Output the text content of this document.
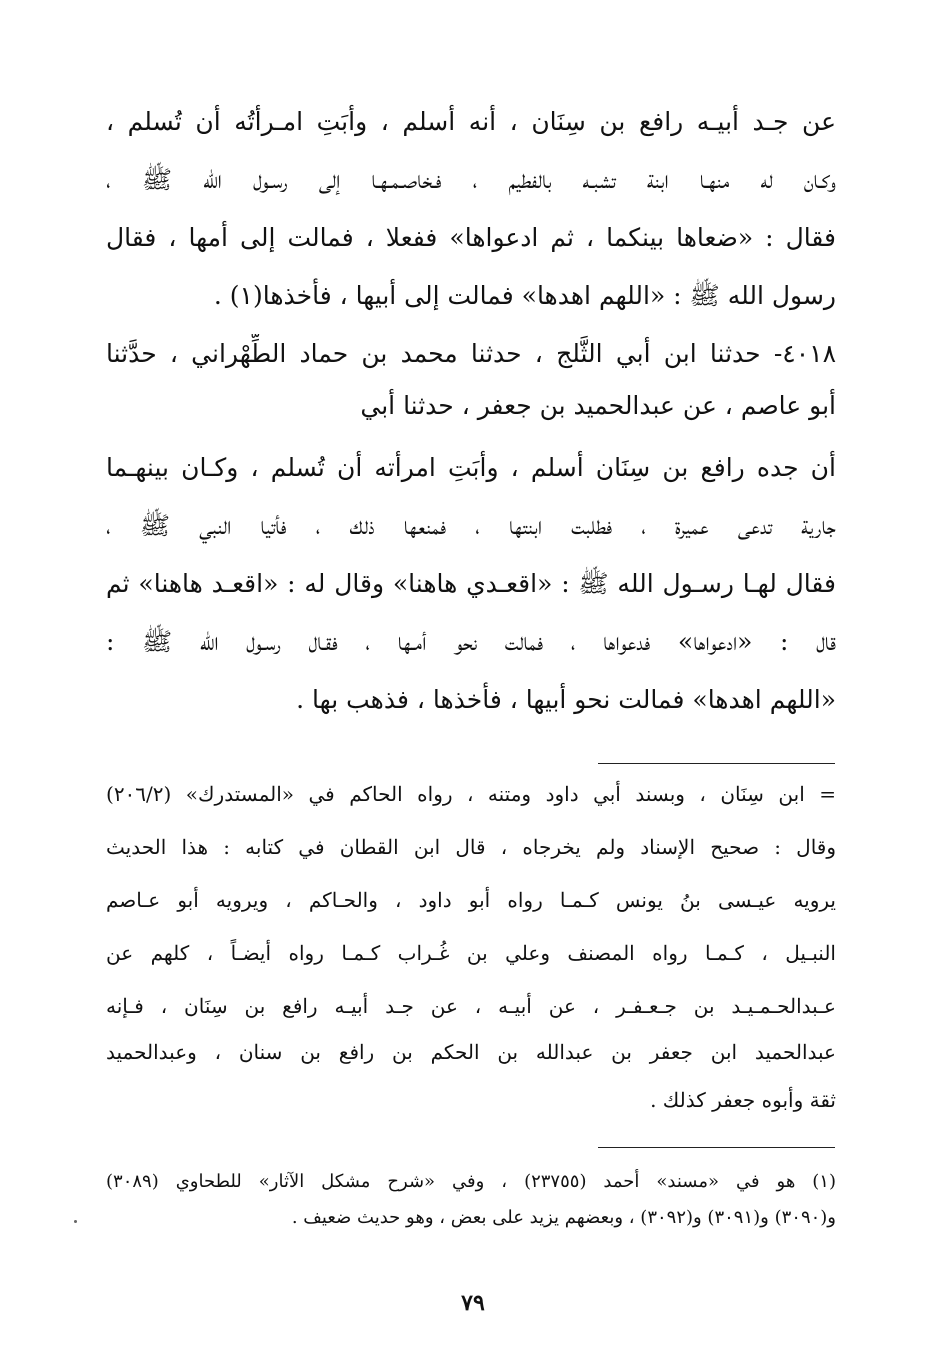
عن جـد أبيـه رافع بن سِنَان ، أنه أسلم ، وأبَتِ امـرأتُه أن تُسلم ،
وكـان له منهـا ابنة تشبـه بالفطيم ، فـخاصـمـهـا إلى رسـول الله ﷺ ،
فقال : «ضعاها بينكما ، ثم ادعواها» ففعلا ، فمالت إلى أمها ، فقال
رسول الله ﷺ : «اللهم اهدها» فمالت إلى أبيها ، فأخذها(١) .
٤٠١٨- حدثنا ابن أبي الثَّلج ، حدثنا محمد بن حماد الطِّهْراني ، حدَّثنا
أبو عاصم ، عن عبدالحميد بن جعفر ، حدثنا أبي
أن جده رافع بن سِنَان أسلم ، وأبَتِ امرأته أن تُسلم ، وكـان بينهـما
جارية تدعى عميرة ، فطلبت ابنتها ، فمنعها ذلك ، فأتيا النبي ﷺ ،
فقال لهـا رسـول الله ﷺ : «اقعـدي هاهنا» وقال له : «اقعـد هاهنا» ثم
قال : «ادعواها» فدعواها ، فمالت نحو أمـها ، فقـال رسـول الله ﷺ :
«اللهم اهدها» فمالت نحو أبيها ، فأخذها ، فذهب بها .
= ابن سِنَان ، وبسند أبي داود ومتنه ، رواه الحاكم في «المستدرك» (٢٠٦/٢)
وقال : صحيح الإسناد ولم يخرجاه ، قال ابن القطان في كتابه : هذا الحديث
يرويه عيـسى بنُ يونس كـمـا رواه أبو داود ، والحـاكم ، ويرويه أبو عـاصم
النبـيل ، كـمـا رواه المصنف وعلي بن غُـراب كـمـا رواه أيضـاً ، كلهم عن
عـبدالحـمـيـد بن جـعـفـر ، عن أبيـه ، عن جـد أبيـه رافع بن سِنَان ، فـإنه
عبدالحميد ابن جعفر بن عبدالله بن الحكم بن رافع بن سنان ، وعبدالحميد
ثقة وأبوه جعفر كذلك .
(١) هو في «مسند» أحمد (٢٣٧٥٥) ، وفي «شرح مشكل الآثار» للطحاوي (٣٠٨٩)
و(٣٠٩٠) و(٣٠٩١) و(٣٠٩٢) ، وبعضهم يزيد على بعض ، وهو حديث ضعيف .
٧٩
